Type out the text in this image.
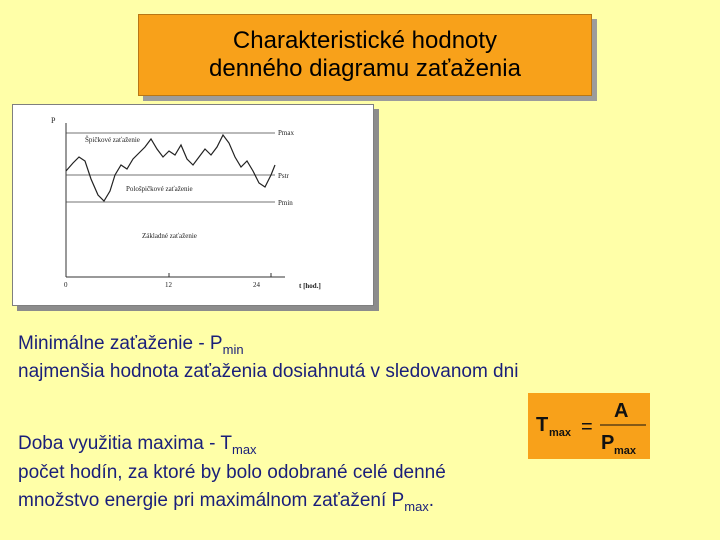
Charakteristické hodnoty
denného diagramu zaťaženia
P
t [hod.]
0	12	24
Pmax
Pstr
Pmin
Špičkové zaťaženie
Pološpičkové zaťaženie
Základné zaťaženie
Minimálne zaťaženie - $P_{min}$
najmenšia hodnota zaťaženia dosiahnutá v sledovanom dni
T max =
A
P max
Doba využitia maxima - $T_{max}$
počet hodín, za ktoré by bolo odobrané celé denné
množstvo energie pri maximálnom zaťažení $P_{max}$.
